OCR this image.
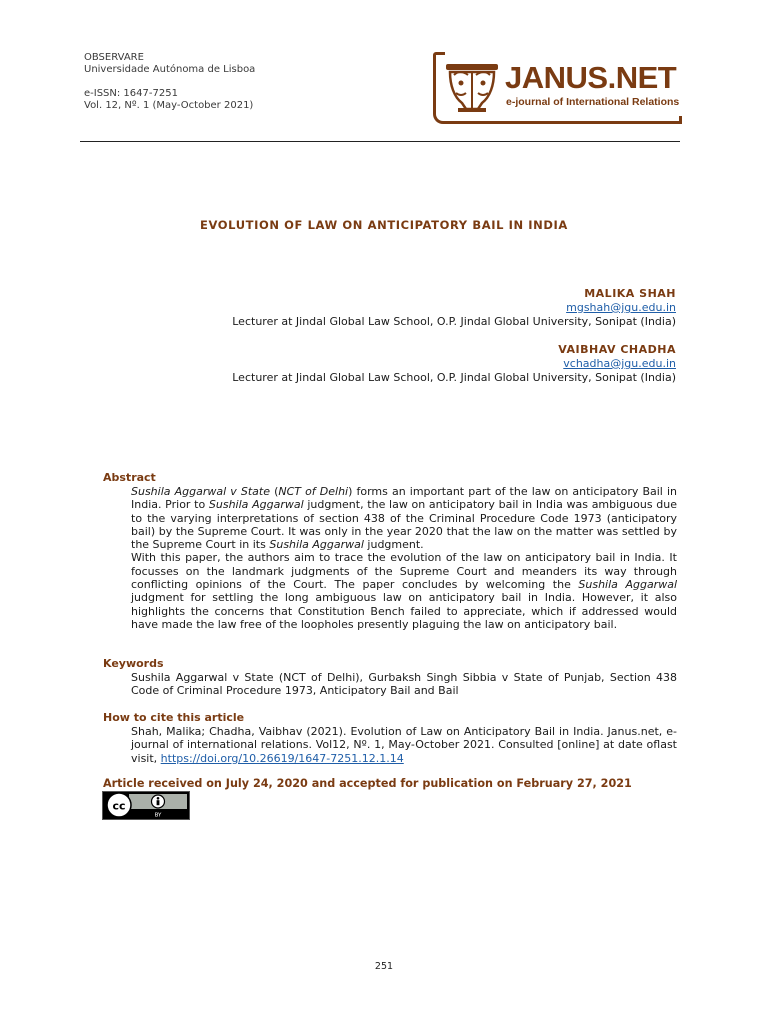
OBSERVARE
Universidade Autónoma de Lisboa
e-ISSN: 1647-7251
Vol. 12, Nº. 1 (May-October 2021)
JANUS.NET
e-journal of International Relations
EVOLUTION OF LAW ON ANTICIPATORY BAIL IN INDIA
MALIKA SHAH
mgshah@jgu.edu.in
Lecturer at Jindal Global Law School, O.P. Jindal Global University, Sonipat (India)
VAIBHAV CHADHA
vchadha@jgu.edu.in
Lecturer at Jindal Global Law School, O.P. Jindal Global University, Sonipat (India)
Abstract

Sushila Aggarwal v State (NCT of Delhi) forms an important part of the law on anticipatory Bail in India. Prior to Sushila Aggarwal judgment, the law on anticipatory bail in India was ambiguous due to the varying interpretations of section 438 of the Criminal Procedure Code 1973 (anticipatory bail) by the Supreme Court. It was only in the year 2020 that the law on the matter was settled by the Supreme Court in its Sushila Aggarwal judgment.

With this paper, the authors aim to trace the evolution of the law on anticipatory bail in India. It focusses on the landmark judgments of the Supreme Court and meanders its way through conflicting opinions of the Court. The paper concludes by welcoming the Sushila Aggarwal judgment for settling the long ambiguous law on anticipatory bail in India. However, it also highlights the concerns that Constitution Bench failed to appreciate, which if addressed would have made the law free of the loopholes presently plaguing the law on anticipatory bail.

Keywords
Sushila Aggarwal v State (NCT of Delhi), Gurbaksh Singh Sibbia v State of Punjab, Section 438 Code of Criminal Procedure 1973, Anticipatory Bail and Bail
How to cite this article
Shah, Malika; Chadha, Vaibhav (2021). Evolution of Law on Anticipatory Bail in India. Janus.net, e-journal of international relations. Vol12, Nº. 1, May-October 2021. Consulted [online] at date oflast visit, https://doi.org/10.26619/1647-7251.12.1.14
Article received on July 24, 2020 and accepted for publication on February 27, 2021
cc
BY
251
